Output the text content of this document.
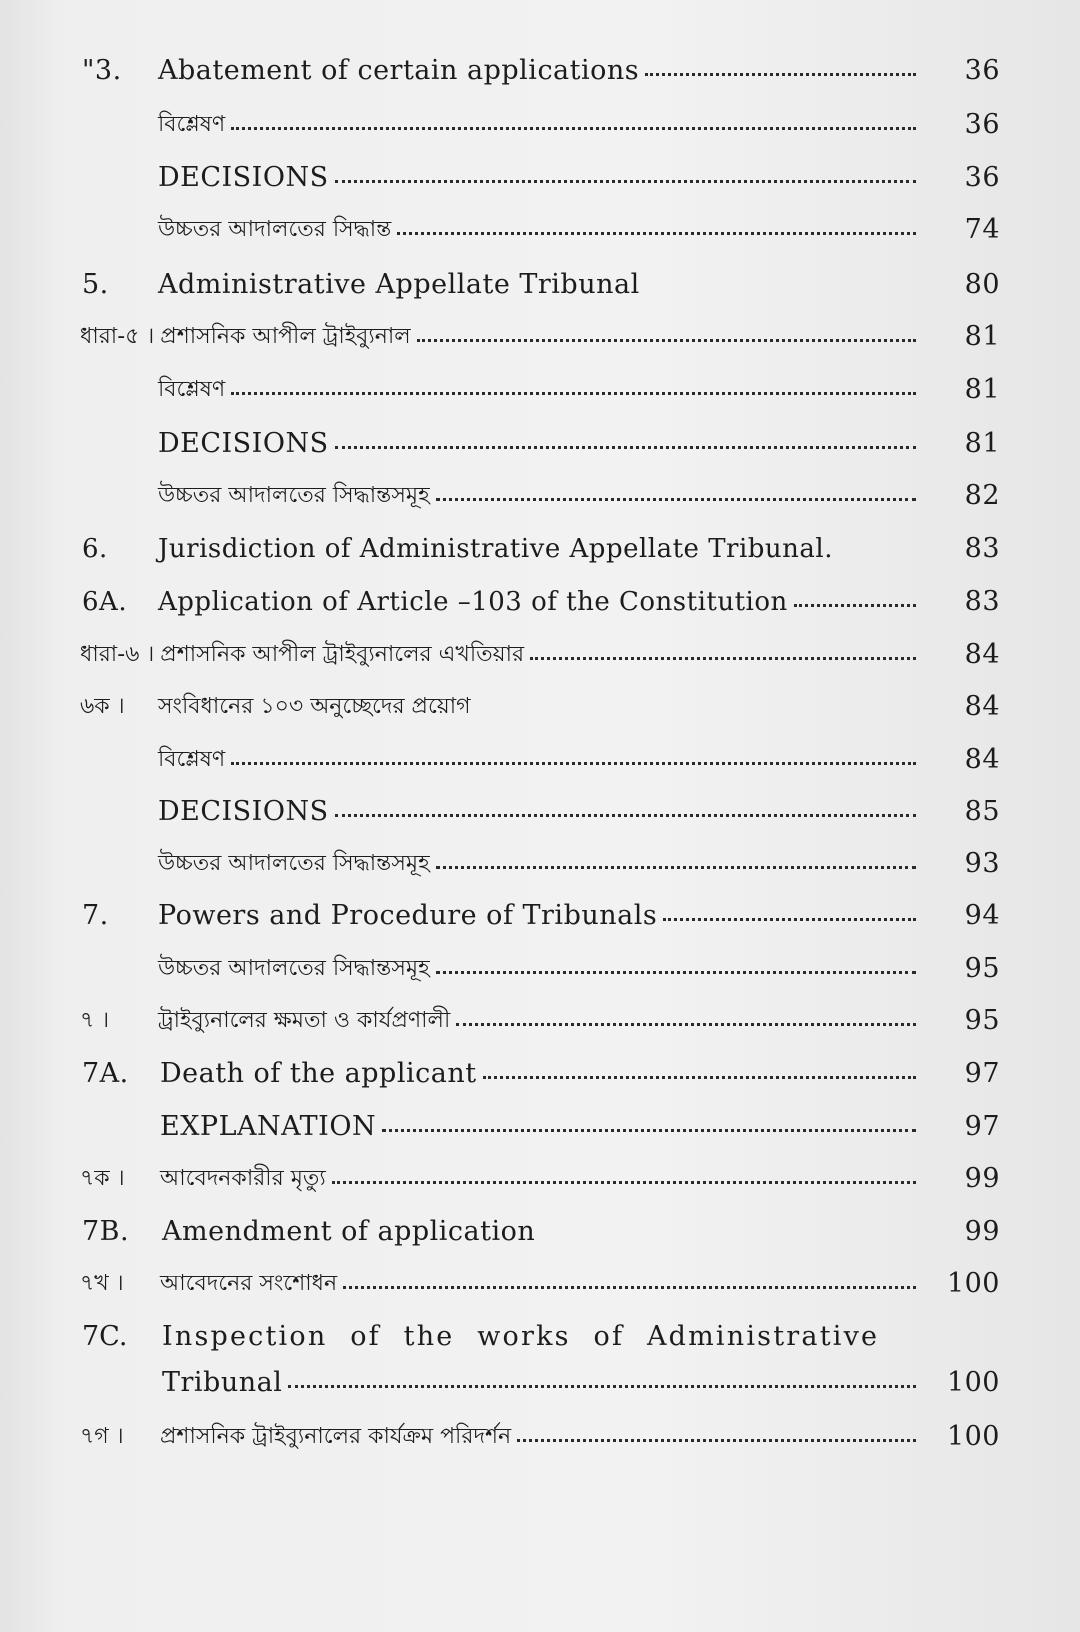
"3.	Abatement of certain applications	36
বিশ্লেষণ	36
DECISIONS	36
উচ্চতর আদালতের সিদ্ধান্ত	74
5.	Administrative Appellate Tribunal	80
ধারা-৫ । প্রশাসনিক আপীল ট্রাইব্যুনাল	81
বিশ্লেষণ	81
DECISIONS	81
উচ্চতর আদালতের সিদ্ধান্তসমূহ	82
6.	Jurisdiction of Administrative Appellate Tribunal.	83
6A.	Application of Article –103 of the Constitution	83
ধারা-৬ । প্রশাসনিক আপীল ট্রাইব্যুনালের এখতিয়ার	84
৬ক ।	সংবিধানের ১০৩ অনুচ্ছেদের প্রয়োগ	84
বিশ্লেষণ	84
DECISIONS	85
উচ্চতর আদালতের সিদ্ধান্তসমূহ	93
7.	Powers and Procedure of Tribunals	94
উচ্চতর আদালতের সিদ্ধান্তসমূহ	95
৭ ।	ট্রাইব্যুনালের ক্ষমতা ও কার্যপ্রণালী	95
7A.	Death of the applicant	97
EXPLANATION	97
৭ক ।	আবেদনকারীর মৃত্যু	99
7B.	Amendment of application	99
৭খ ।	আবেদনের সংশোধন	100
7C.	Inspection of the works of Administrative
Tribunal	100
৭গ ।	প্রশাসনিক ট্রাইব্যুনালের কার্যক্রম পরিদর্শন	100
